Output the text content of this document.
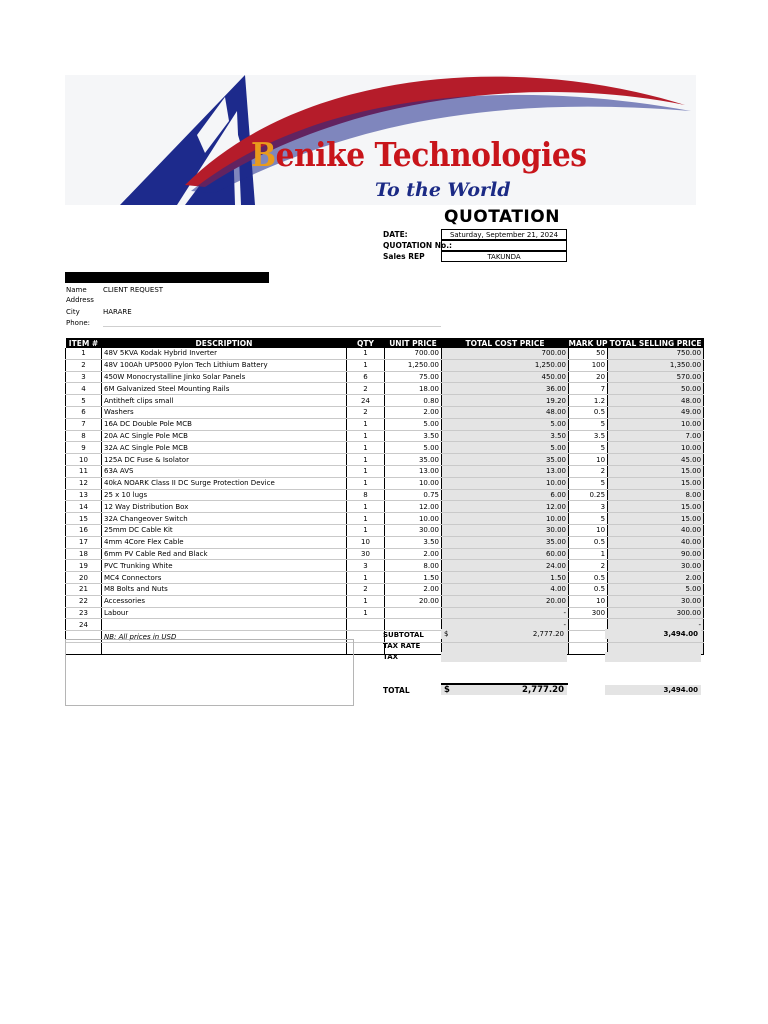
Benike Technologies
To the World
QUOTATION
DATE:	Saturday, September 21, 2024
QUOTATION No.:
Sales REP	TAKUNDA
Name CLIENT REQUEST
Address
City	HARARE
Phone:
ITEM #	DESCRIPTION	QTY	UNIT PRICE	TOTAL COST PRICE	MARK UP	TOTAL SELLING PRICE
1	48V 5KVA Kodak Hybrid Inverter	1	700.00	700.00	50	750.00
2	48V 100Ah UP5000 Pylon Tech Lithium Battery	1	1,250.00	1,250.00	100	1,350.00
3	450W Monocrystalline Jinko Solar Panels	6	75.00	450.00	20	570.00
4	6M Galvanized Steel Mounting Rails	2	18.00	36.00	7	50.00
5	Antitheft clips small	24	0.80	19.20	1.2	48.00
6	Washers	2	2.00	48.00	0.5	49.00
7	16A DC Double Pole MCB	1	5.00	5.00	5	10.00
8	20A AC Single Pole MCB	1	3.50	3.50	3.5	7.00
9	32A AC Single Pole MCB	1	5.00	5.00	5	10.00
10	125A DC Fuse & Isolator	1	35.00	35.00	10	45.00
11	63A AVS	1	13.00	13.00	2	15.00
12	40kA NOARK Class II DC Surge Protection Device	1	10.00	10.00	5	15.00
13	25 x 10 lugs	8	0.75	6.00	0.25	8.00
14	12 Way Distribution Box	1	12.00	12.00	3	15.00
15	32A Changeover Switch	1	10.00	10.00	5	15.00
16	25mm DC Cable Kit	1	30.00	30.00	10	40.00
17	4mm 4Core Flex Cable	10	3.50	35.00	0.5	40.00
18	6mm PV Cable Red and Black	30	2.00	60.00	1	90.00
19	PVC Trunking White	3	8.00	24.00	2	30.00
20	MC4 Connectors	1	1.50	1.50	0.5	2.00
21	M8 Bolts and Nuts	2	2.00	4.00	0.5	5.00
22	Accessories	1	20.00	20.00	10	30.00
23	Labour	1		-	300	300.00
24				-		-
	NB: All prices in USD					
							SUBTOTAL	$	2,777.20	3,494.00
TAX RATE
TAX
TOTAL	$	2,777.20	3,494.00
